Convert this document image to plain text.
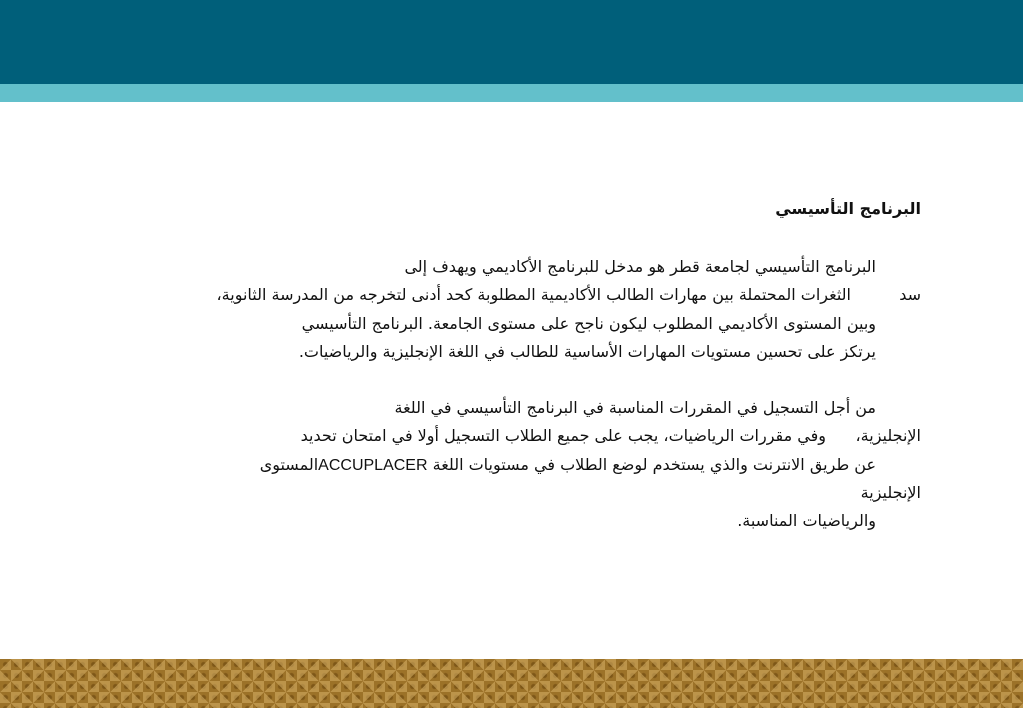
البرنامج التأسيسي
البرنامج التأسيسي لجامعة قطر هو مدخل للبرنامج الأكاديمي ويهدف إلى
سد
الثغرات المحتملة بين مهارات الطالب الأكاديمية المطلوبة كحد أدنى لتخرجه من المدرسة الثانوية،
وبين المستوى الأكاديمي المطلوب ليكون ناجح على مستوى الجامعة. البرنامج التأسيسي
يرتكز على تحسين مستويات المهارات الأساسية للطالب في اللغة الإنجليزية والرياضيات.
من أجل التسجيل في المقررات المناسبة في البرنامج التأسيسي في اللغة
الإنجليزية،
وفي مقررات الرياضيات، يجب على جميع الطلاب التسجيل أولا في امتحان تحديد
عن طريق الانترنت والذي يستخدم لوضع الطلاب في مستويات اللغة ACCUPLACERالمستوى
الإنجليزية
والرياضيات المناسبة.
